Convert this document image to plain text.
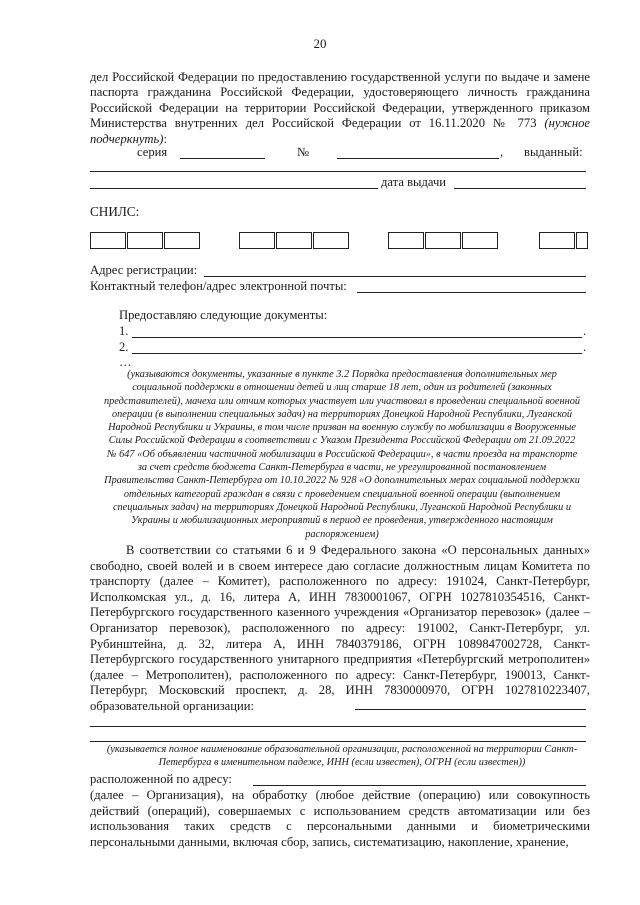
20
дел Российской Федерации по предоставлению государственной услуги по выдаче и замене паспорта гражданина Российской Федерации, удостоверяющего личность гражданина Российской Федерации на территории Российской Федерации, утвержденного приказом Министерства внутренних дел Российской Федерации от 16.11.2020 № 773 (нужное подчеркнуть):
серия	№	, выданный:
дата выдачи
СНИЛС:
Адрес регистрации:
Контактный телефон/адрес электронной почты:
Предоставляю следующие документы:
1.	.
2.	.
…
(указываются документы, указанные в пункте 3.2 Порядка предоставления дополнительных мер социальной поддержки в отношении детей и лиц старше 18 лет, один из родителей (законных представителей), мачеха или отчим которых участвует или участвовал в проведении специальной военной операции (в выполнении специальных задач) на территориях Донецкой Народной Республики, Луганской Народной Республики и Украины, в том числе призван на военную службу по мобилизации в Вооруженные Силы Российской Федерации в соответствии с Указом Президента Российской Федерации от 21.09.2022 № 647 «Об объявлении частичной мобилизации в Российской Федерации», в части проезда на транспорте за счет средств бюджета Санкт-Петербурга в части, не урегулированной постановлением Правительства Санкт-Петербурга от 10.10.2022 № 928 «О дополнительных мерах социальной поддержки отдельных категорий граждан в связи с проведением специальной военной операции (выполнением специальных задач) на территориях Донецкой Народной Республики, Луганской Народной Республики и Украины и мобилизационных мероприятий в период ее проведения, утвержденного настоящим распоряжением)
В соответствии со статьями 6 и 9 Федерального закона «О персональных данных» свободно, своей волей и в своем интересе даю согласие должностным лицам Комитета по транспорту (далее – Комитет), расположенного по адресу: 191024, Санкт-Петербург, Исполкомская ул., д. 16, литера А, ИНН 7830001067, ОГРН 1027810354516, Санкт-Петербургского государственного казенного учреждения «Организатор перевозок» (далее – Организатор перевозок), расположенного по адресу: 191002, Санкт-Петербург, ул. Рубинштейна, д. 32, литера А, ИНН 7840379186, ОГРН 1089847002728, Санкт-Петербургского государственного унитарного предприятия «Петербургский метрополитен» (далее – Метрополитен), расположенного по адресу: Санкт-Петербург, 190013, Санкт-Петербург, Московский проспект, д. 28, ИНН 7830000970, ОГРН 1027810223407, образовательной организации:
(указывается полное наименование образовательной организации, расположенной на территории Санкт-Петербурга в именительном падеже, ИНН (если известен), ОГРН (если известен))
расположенной по адресу:
(далее – Организация), на обработку (любое действие (операцию) или совокупность действий (операций), совершаемых с использованием средств автоматизации или без использования таких средств с персональными данными и биометрическими персональными данными, включая сбор, запись, систематизацию, накопление, хранение,
